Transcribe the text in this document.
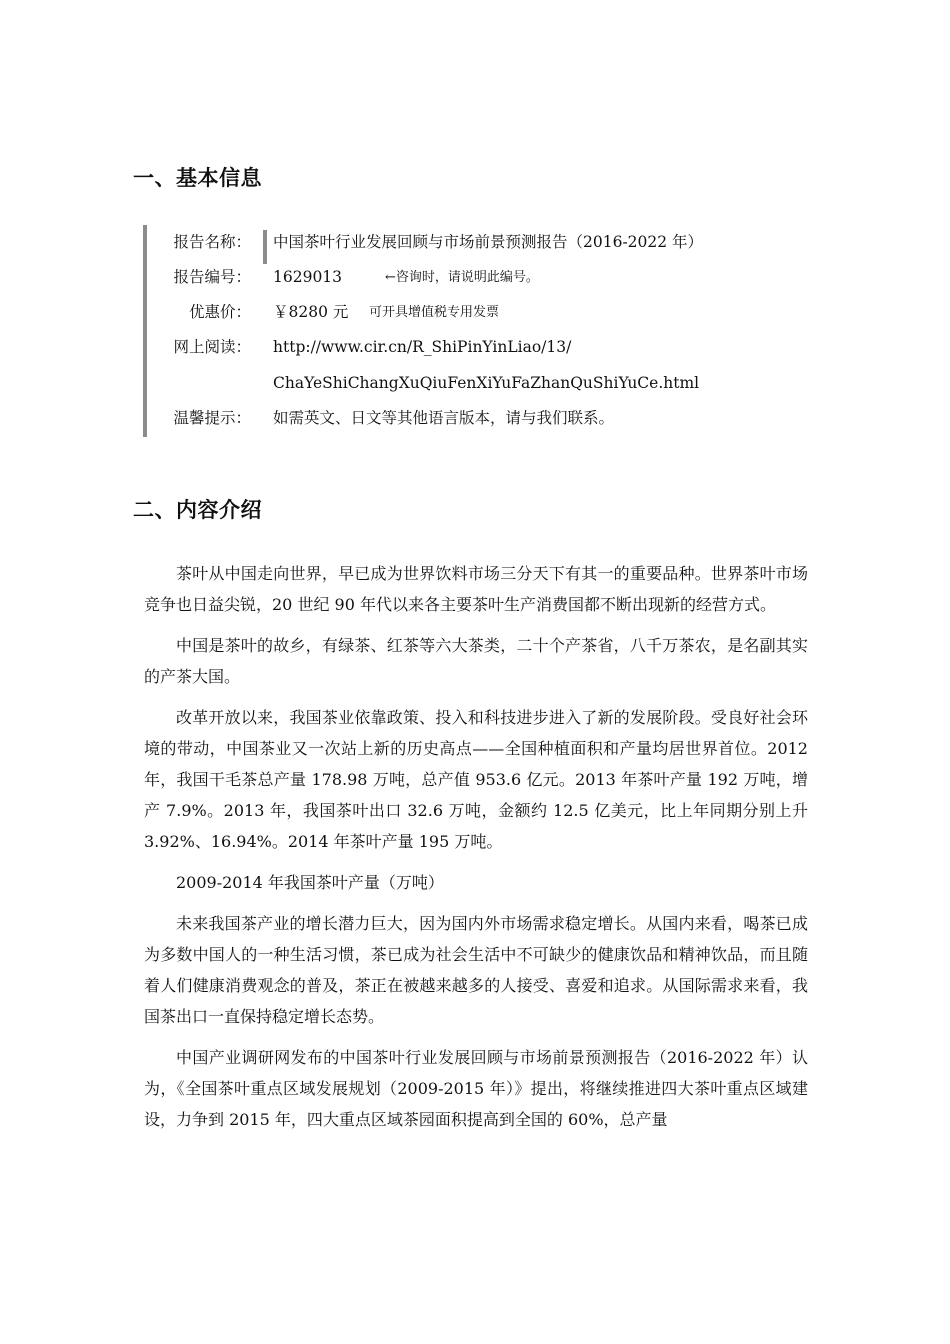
一、基本信息
报告名称： 中国茶叶行业发展回顾与市场前景预测报告（2016-2022 年）
报告编号： 1629013	←咨询时，请说明此编号。
优惠价： ￥8280 元 可开具增值税专用发票
网上阅读： http://www.cir.cn/R_ShiPinYinLiao/13/
ChaYeShiChangXuQiuFenXiYuFaZhanQuShiYuCe.html
温馨提示： 如需英文、日文等其他语言版本，请与我们联系。
二、内容介绍

茶叶从中国走向世界，早已成为世界饮料市场三分天下有其一的重要品种。世界茶叶市场竞争也日益尖锐，20 世纪 90 年代以来各主要茶叶生产消费国都不断出现新的经营方式。

中国是茶叶的故乡，有绿茶、红茶等六大茶类，二十个产茶省，八千万茶农，是名副其实的产茶大国。

改革开放以来，我国茶业依靠政策、投入和科技进步进入了新的发展阶段。受良好社会环境的带动，中国茶业又一次站上新的历史高点——全国种植面积和产量均居世界首位。2012 年，我国干毛茶总产量 178.98 万吨，总产值 953.6 亿元。2013 年茶叶产量 192 万吨，增产 7.9%。2013 年，我国茶叶出口 32.6 万吨，金额约 12.5 亿美元，比上年同期分别上升 3.92%、16.94%。2014 年茶叶产量 195 万吨。

2009-2014 年我国茶叶产量（万吨）

未来我国茶产业的增长潜力巨大，因为国内外市场需求稳定增长。从国内来看，喝茶已成为多数中国人的一种生活习惯，茶已成为社会生活中不可缺少的健康饮品和精神饮品，而且随着人们健康消费观念的普及，茶正在被越来越多的人接受、喜爱和追求。从国际需求来看，我国茶出口一直保持稳定增长态势。

中国产业调研网发布的中国茶叶行业发展回顾与市场前景预测报告（2016-2022 年）认为，《全国茶叶重点区域发展规划（2009-2015 年）》提出，将继续推进四大茶叶重点区域建设，力争到 2015 年，四大重点区域茶园面积提高到全国的 60%，总产量
